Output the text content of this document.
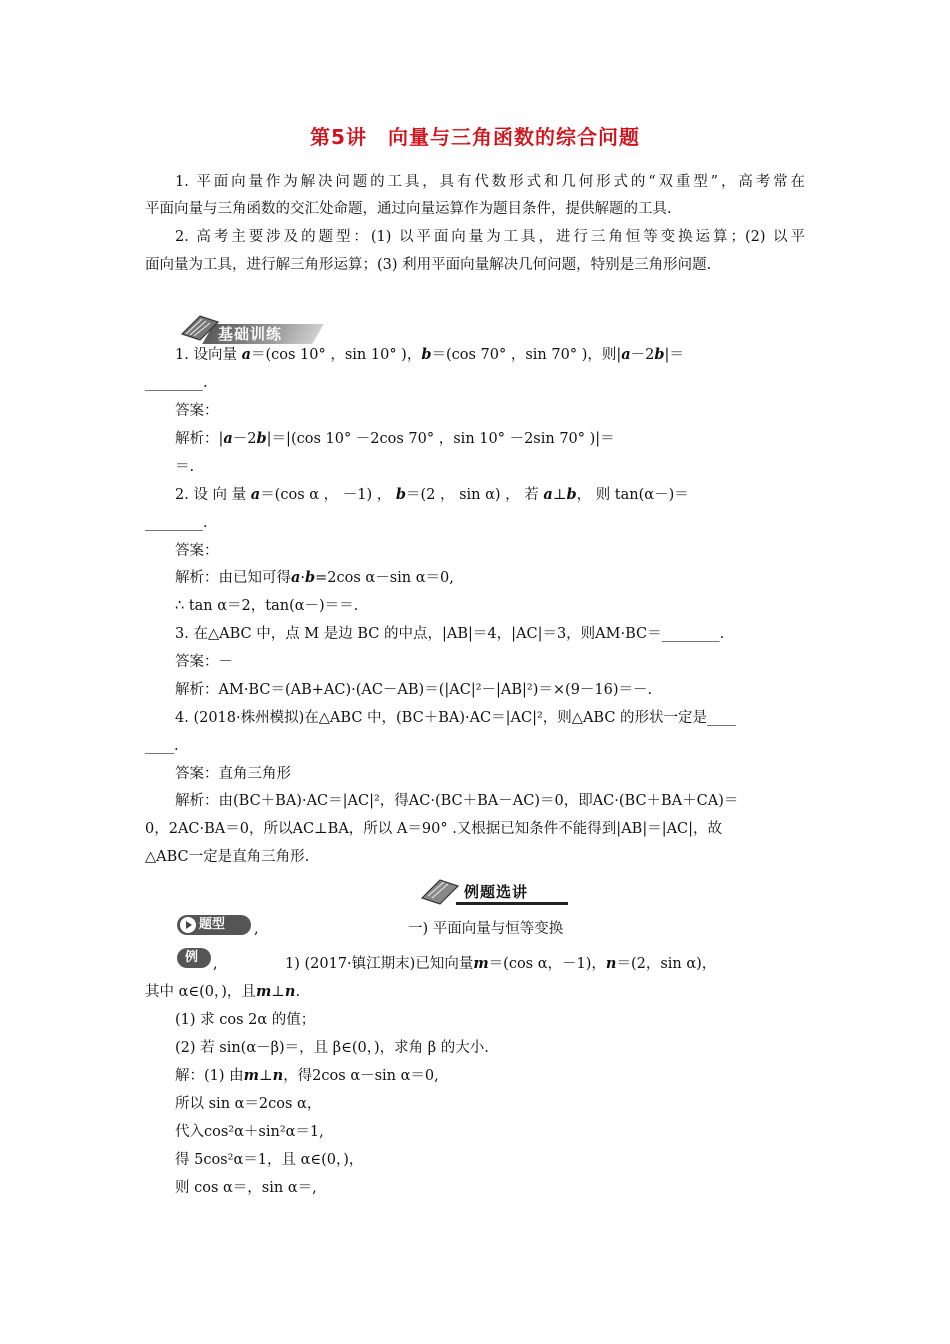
第5讲　向量与三角函数的综合问题
1. 平面向量作为解决问题的工具，具有代数形式和几何形式的“双重型”，高考常在
平面向量与三角函数的交汇处命题，通过向量运算作为题目条件，提供解题的工具.
2. 高考主要涉及的题型：(1) 以平面向量为工具，进行三角恒等变换运算；(2) 以平
面向量为工具，进行解三角形运算；(3) 利用平面向量解决几何问题，特别是三角形问题.
基础训练
1. 设向量 a＝(cos 10° ，sin 10° )，b＝(cos 70° ，sin 70° )，则|a－2b|＝
________.
答案：
解析：|a－2b|＝|(cos 10° －2cos 70° ，sin 10° －2sin 70° )|＝
＝.
2. 设 向 量 a＝(cos α ， －1) ， b＝(2 ， sin α) ， 若 a⊥b， 则 tan(α－)＝
________.
答案：
解析：由已知可得a·b=2cos α－sin α＝0,
∴ tan α＝2，tan(α－)＝＝.
3. 在△ABC 中，点 M 是边 BC 的中点，|AB|＝4，|AC|＝3，则AM·BC＝________.
答案：－
解析：AM·BC＝(AB+AC)·(AC－AB)＝(|AC|²－|AB|²)＝×(9－16)＝－.
4. (2018·株州模拟)在△ABC 中，(BC＋BA)·AC＝|AC|²，则△ABC 的形状一定是____
____.
答案：直角三角形
解析：由(BC＋BA)·AC＝|AC|²，得AC·(BC＋BA－AC)＝0，即AC·(BC＋BA＋CA)＝
0，2AC·BA＝0，所以AC⊥BA，所以 A＝90° .又根据已知条件不能得到|AB|＝|AC|，故
△ABC一定是直角三角形.
例题选讲
题型 ,	一) 平面向量与恒等变换
例 ,	1) (2017·镇江期末)已知向量m＝(cos α，－1)，n＝(2，sin α)，
其中 α∈(0，)，且m⊥n.
(1) 求 cos 2α 的值；
(2) 若 sin(α－β)＝，且 β∈(0，)，求角 β 的大小.
解：(1) 由m⊥n，得2cos α－sin α＝0,
所以 sin α＝2cos α，
代入cos²α＋sin²α＝1,
得 5cos²α＝1，且 α∈(0，)，
则 cos α＝，sin α＝,
